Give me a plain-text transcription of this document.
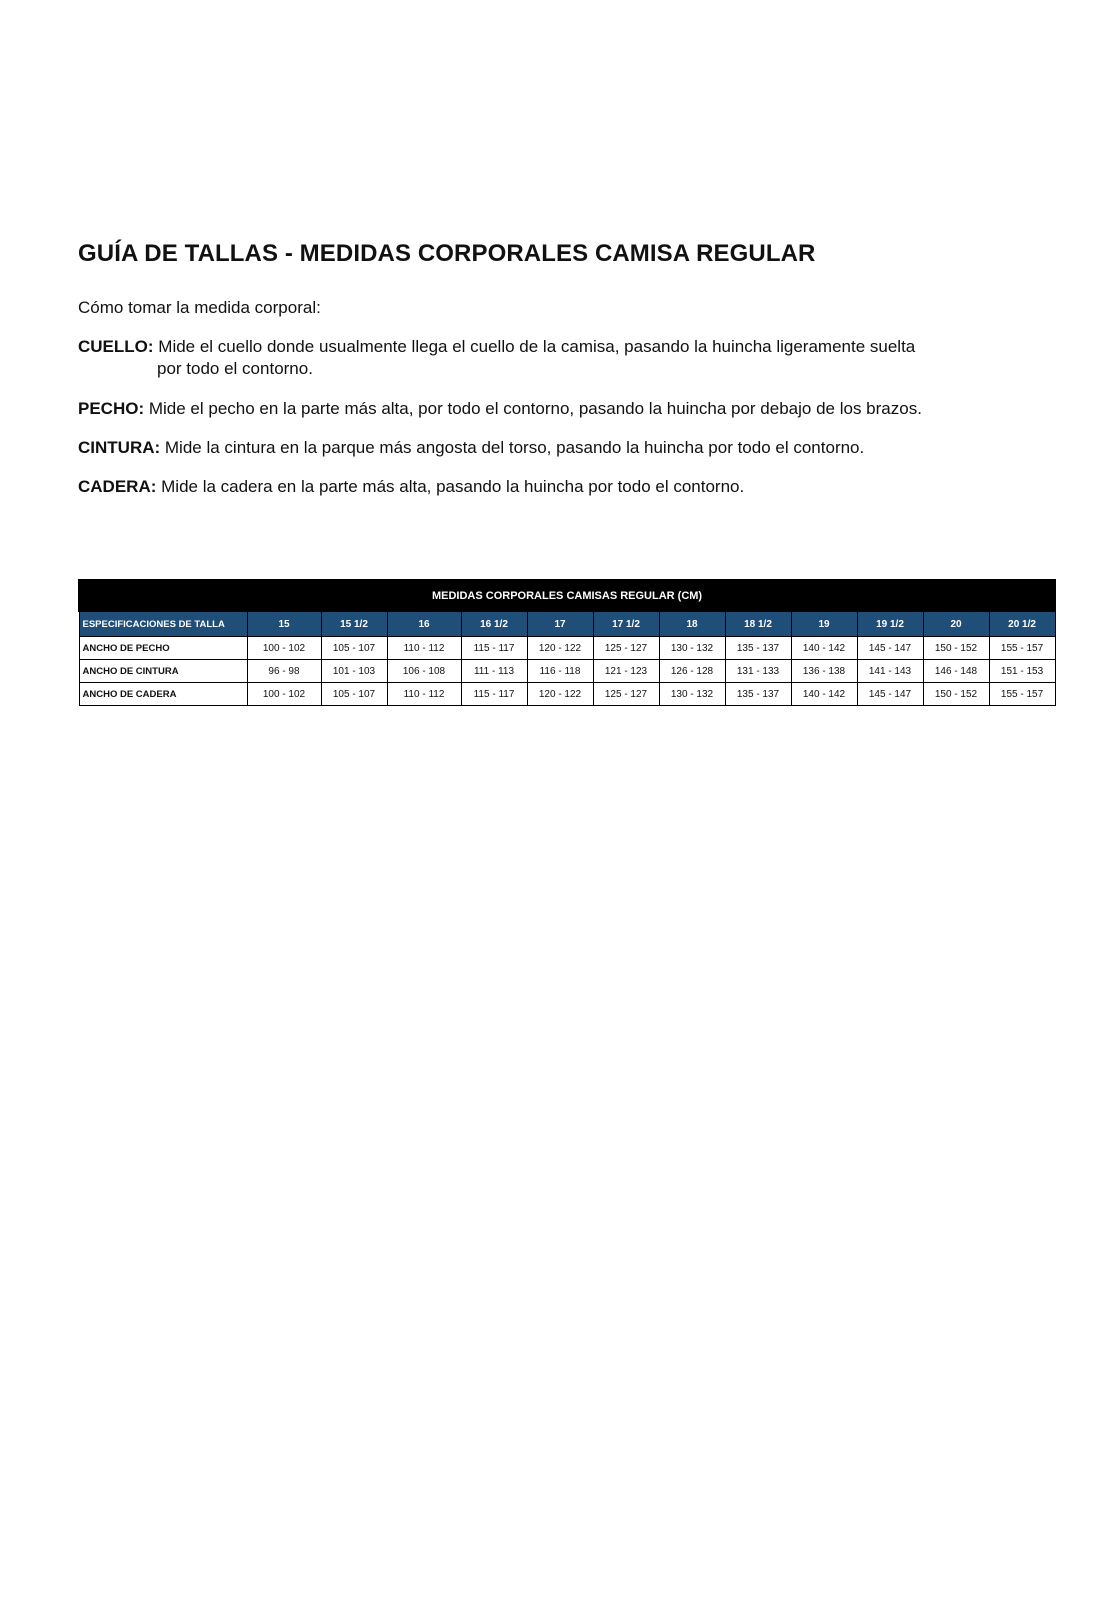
GUÍA DE TALLAS - MEDIDAS CORPORALES CAMISA REGULAR

Cómo tomar la medida corporal:

CUELLO: Mide el cuello donde usualmente llega el cuello de la camisa, pasando la huincha ligeramente suelta
por todo el contorno.

PECHO: Mide el pecho en la parte más alta, por todo el contorno, pasando la huincha por debajo de los brazos.

CINTURA: Mide la cintura en la parque más angosta del torso, pasando la huincha por todo el contorno.

CADERA: Mide la cadera en la parte más alta, pasando la huincha por todo el contorno.

MEDIDAS CORPORALES CAMISAS REGULAR (CM)												
ESPECIFICACIONES DE TALLA	15	15 1/2	16	16 1/2	17	17 1/2	18	18 1/2	19	19 1/2	20	20 1/2
ANCHO DE PECHO	100 - 102	105 - 107	110 - 112	115 - 117	120 - 122	125 - 127	130 - 132	135 - 137	140 - 142	145 - 147	150 - 152	155 - 157
ANCHO DE CINTURA	96 - 98	101 - 103	106 - 108	111 - 113	116 - 118	121 - 123	126 - 128	131 - 133	136 - 138	141 - 143	146 - 148	151 - 153
ANCHO DE CADERA	100 - 102	105 - 107	110 - 112	115 - 117	120 - 122	125 - 127	130 - 132	135 - 137	140 - 142	145 - 147	150 - 152	155 - 157
